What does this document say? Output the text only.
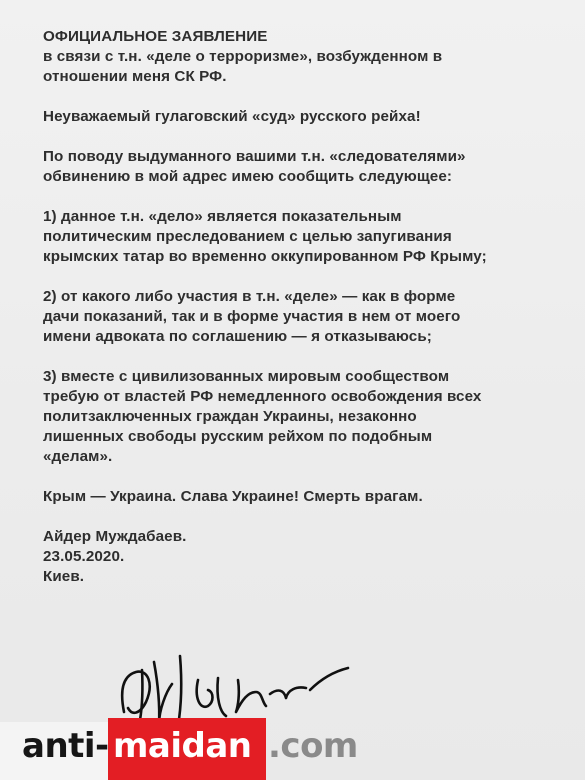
ОФИЦИАЛЬНОЕ ЗАЯВЛЕНИЕ
в связи с т.н. «деле о терроризме», возбужденном в
отношении меня СК РФ.
Неуважаемый гулаговский «суд» русского рейха!
По поводу выдуманного вашими т.н. «следователями»
обвинению в мой адрес имею сообщить следующее:
1) данное т.н. «дело» является показательным
политическим преследованием с целью запугивания
крымских татар во временно оккупированном РФ Крыму;
2) от какого либо участия в т.н. «деле» — как в форме
дачи показаний, так и в форме участия в нем от моего
имени адвоката по соглашению — я отказываюсь;
3) вместе с цивилизованных мировым сообществом
требую от властей РФ немедленного освобождения всех
политзаключенных граждан Украины, незаконно
лишенных свободы русским рейхом по подобным
«делам».
Крым — Украина. Слава Украине! Смерть врагам.
Айдер Муждабаев.
23.05.2020.
Киев.
anti- maidan .com
